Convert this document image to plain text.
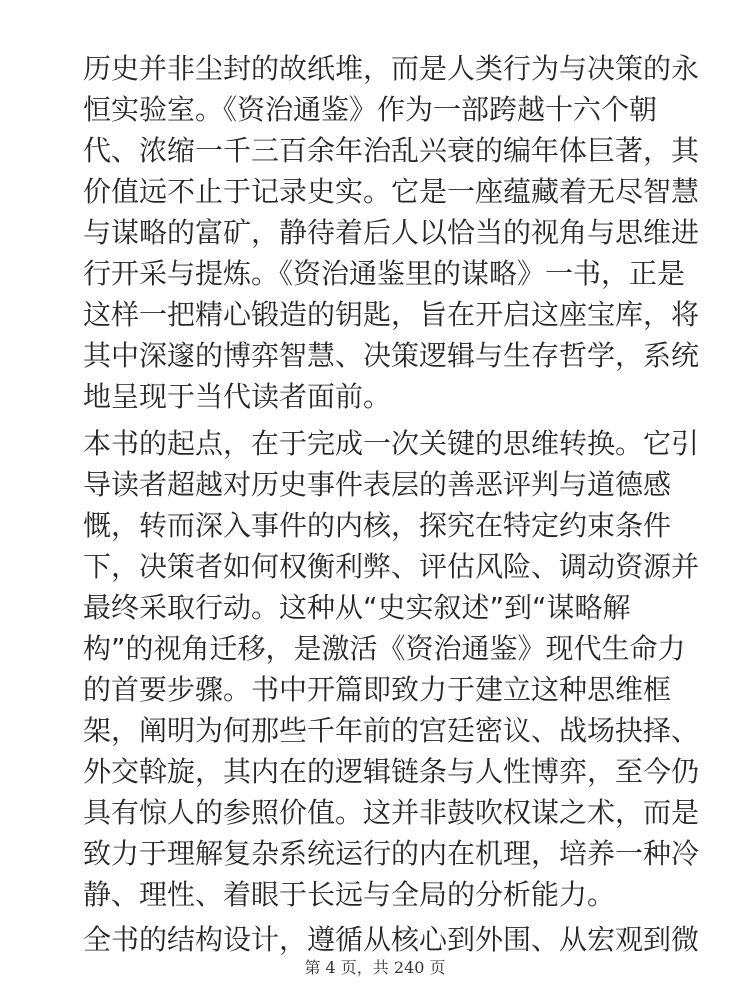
历史并非尘封的故纸堆，而是人类行为与决策的永

恒实验室。《资治通鉴》作为一部跨越十六个朝

代、浓缩一千三百余年治乱兴衰的编年体巨著，其

价值远不止于记录史实。它是一座蕴藏着无尽智慧

与谋略的富矿，静待着后人以恰当的视角与思维进

行开采与提炼。《资治通鉴里的谋略》一书，正是

这样一把精心锻造的钥匙，旨在开启这座宝库，将

其中深邃的博弈智慧、决策逻辑与生存哲学，系统

地呈现于当代读者面前。

本书的起点，在于完成一次关键的思维转换。它引

导读者超越对历史事件表层的善恶评判与道德感

慨，转而深入事件的内核，探究在特定约束条件

下，决策者如何权衡利弊、评估风险、调动资源并

最终采取行动。这种从“史实叙述”到“谋略解

构”的视角迁移，是激活《资治通鉴》现代生命力

的首要步骤。书中开篇即致力于建立这种思维框

架，阐明为何那些千年前的宫廷密议、战场抉择、

外交斡旋，其内在的逻辑链条与人性博弈，至今仍

具有惊人的参照价值。这并非鼓吹权谋之术，而是

致力于理解复杂系统运行的内在机理，培养一种冷

静、理性、着眼于长远与全局的分析能力。

全书的结构设计，遵循从核心到外围、从宏观到微

第 4 页，共 240 页
